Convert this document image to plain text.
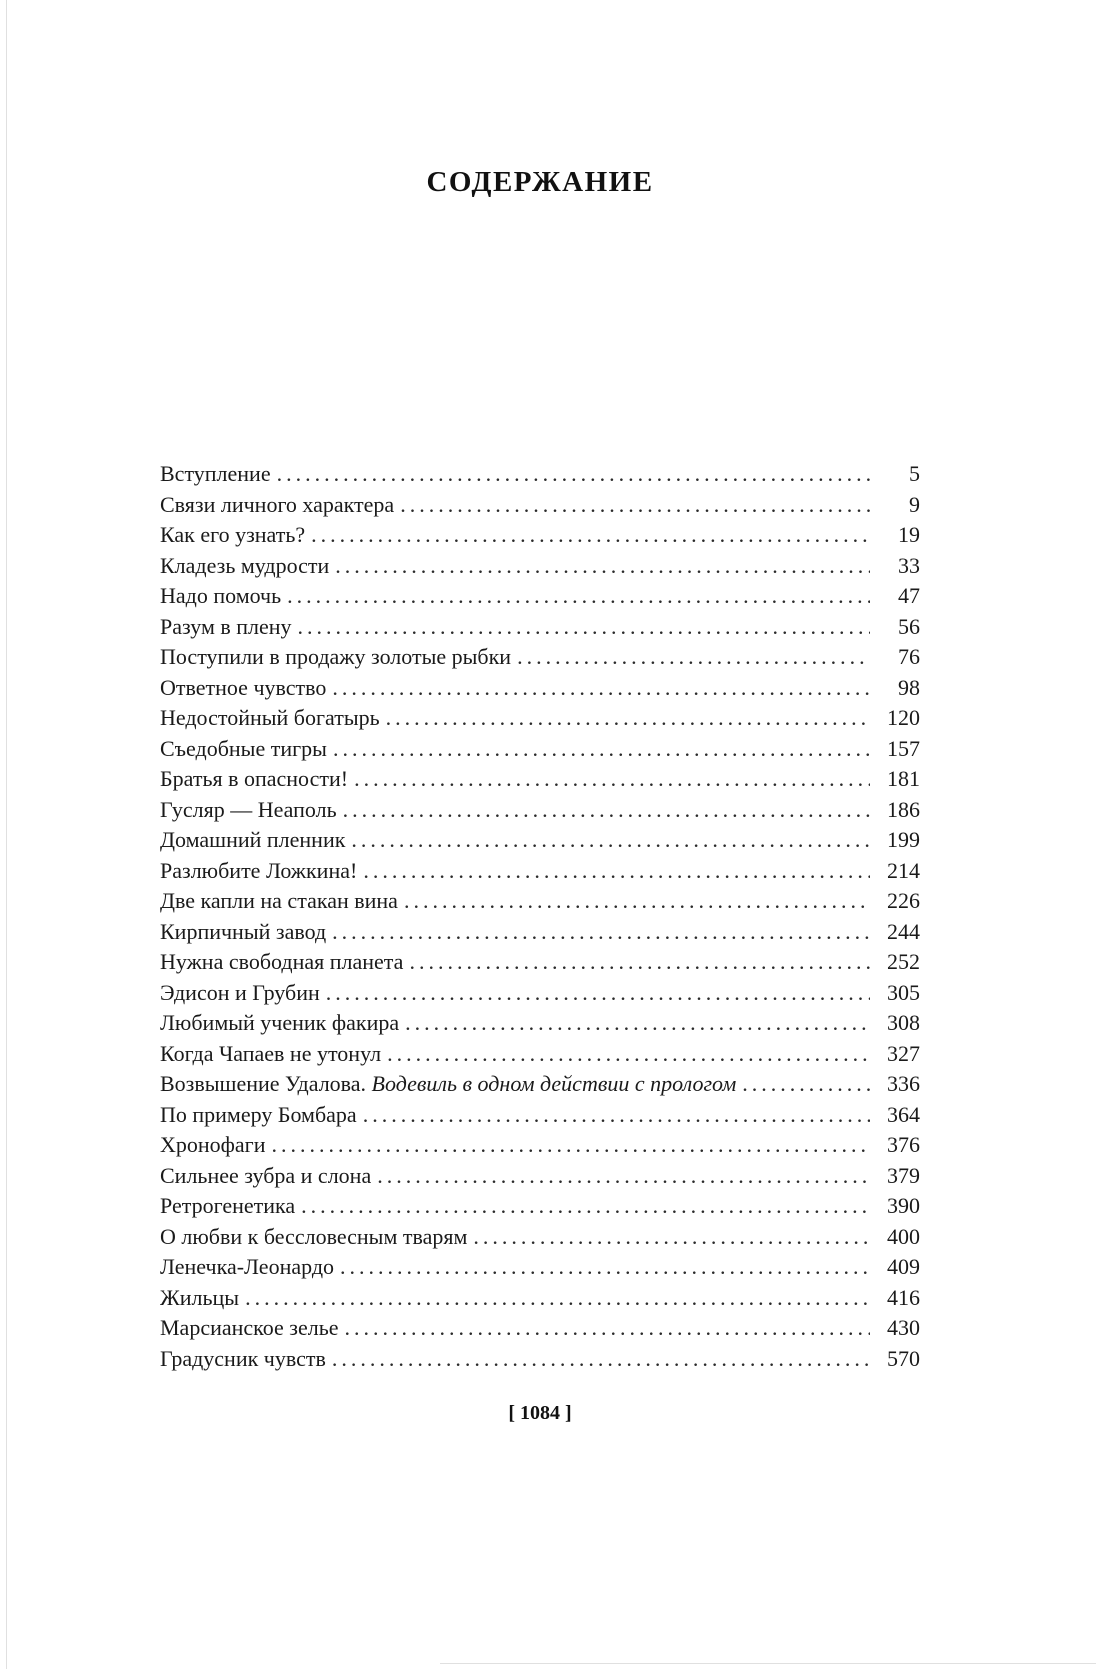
СОДЕРЖАНИЕ
Вступление .....	5
Связи личного характера .....	9
Как его узнать? .....	19
Кладезь мудрости .....	33
Надо помочь .....	47
Разум в плену .....	56
Поступили в продажу золотые рыбки .....	76
Ответное чувство .....	98
Недостойный богатырь .....	120
Съедобные тигры .....	157
Братья в опасности! .....	181
Гусляр — Неаполь .....	186
Домашний пленник .....	199
Разлюбите Ложкина! .....	214
Две капли на стакан вина .....	226
Кирпичный завод .....	244
Нужна свободная планета .....	252
Эдисон и Грубин .....	305
Любимый ученик факира .....	308
Когда Чапаев не утонул .....	327
Возвышение Удалова. Водевиль в одном действии с прологом .....	336
По примеру Бомбара .....	364
Хронофаги .....	376
Сильнее зубра и слона .....	379
Ретрогенетика .....	390
О любви к бессловесным тварям .....	400
Ленечка-Леонардо .....	409
Жильцы .....	416
Марсианское зелье .....	430
Градусник чувств .....	570
[ 1084 ]
